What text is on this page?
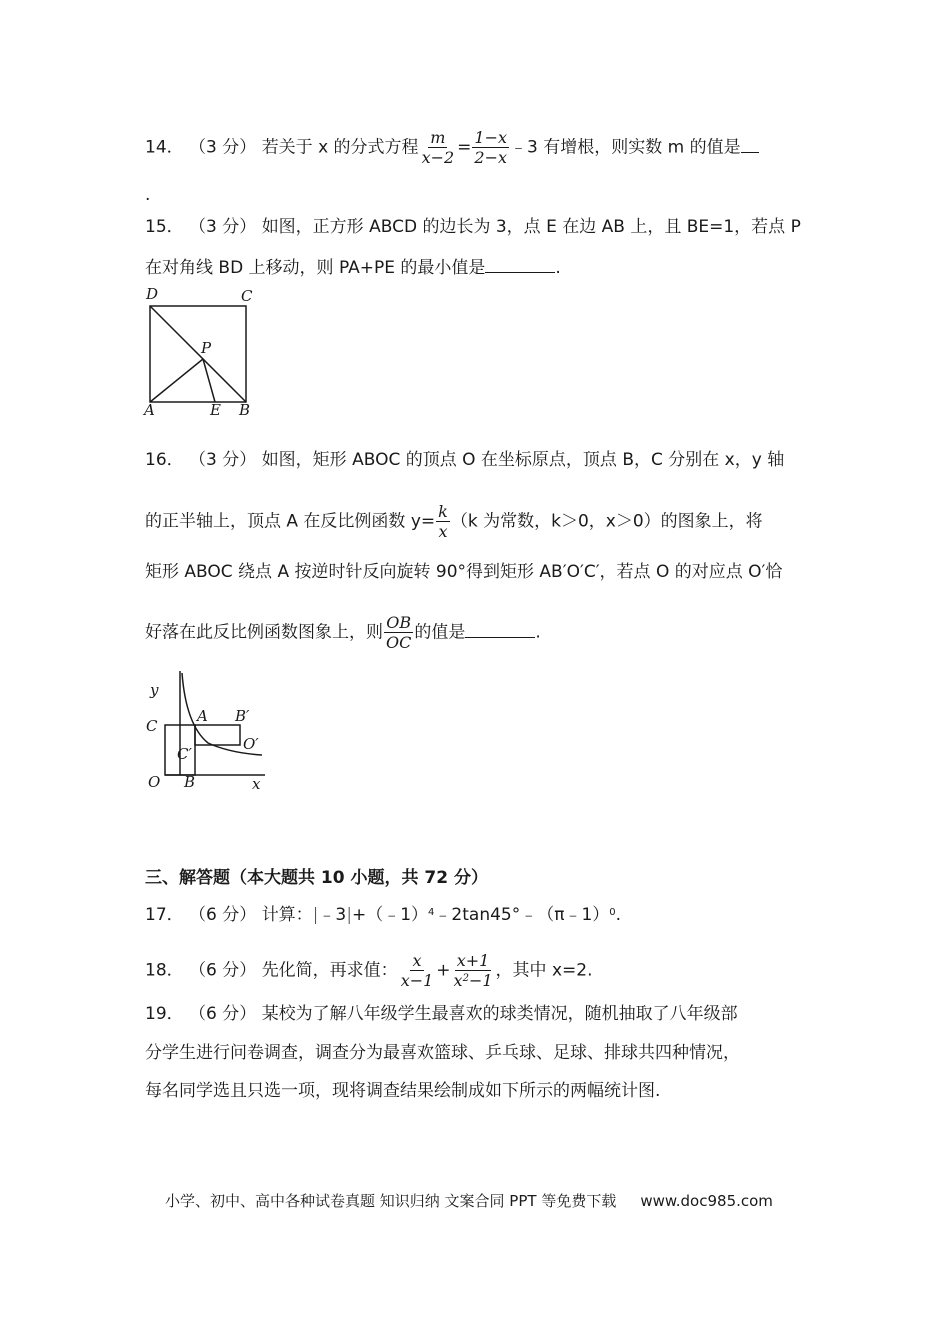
14． （3 分） 若关于 x 的分式方程 $\frac{m}{x-2} = \frac{1-x}{2-x}$ ﹣3 有增根，则实数 m 的值是
.
15． （3 分） 如图，正方形 ABCD 的边长为 3，点 E 在边 AB 上，且 BE=1，若点 P
在对角线 BD 上移动，则 PA+PE 的最小值是	.
D	C
P
A	E B
16． （3 分） 如图，矩形 ABOC 的顶点 O 在坐标原点，顶点 B，C 分别在 x，y 轴
的正半轴上，顶点 A 在反比例函数 $y= \frac{k}{x} (k$ 为常数，k＞0，x＞0）的图象上，将
矩形 ABOC 绕点 A 按逆时针反向旋转 90°得到矩形 AB′O′C′，若点 O 的对应点 O′恰
好落在此反比例函数图象上，则 $\frac{OB}{OC}$ 的值是	.
y
C
A B′
O′
C′
O B	x
三、解答题（本大题共 10 小题，共 72 分）
17． （6 分） 计算：|﹣3|+（﹣1）$^4$﹣2tan45°﹣（π﹣1）$^0$.
18． （6 分） 先化简，再求值： $\frac{x}{x-1} + \frac{x+1}{x^2-1}$ ，其中 x=2.
19． （6 分） 某校为了解八年级学生最喜欢的球类情况，随机抽取了八年级部
分学生进行问卷调查，调查分为最喜欢篮球、乒乓球、足球、排球共四种情况，
每名同学选且只选一项，现将调查结果绘制成如下所示的两幅统计图.
小学、初中、高中各种试卷真题 知识归纳 文案合同 PPT 等免费下载 www.doc985.com
